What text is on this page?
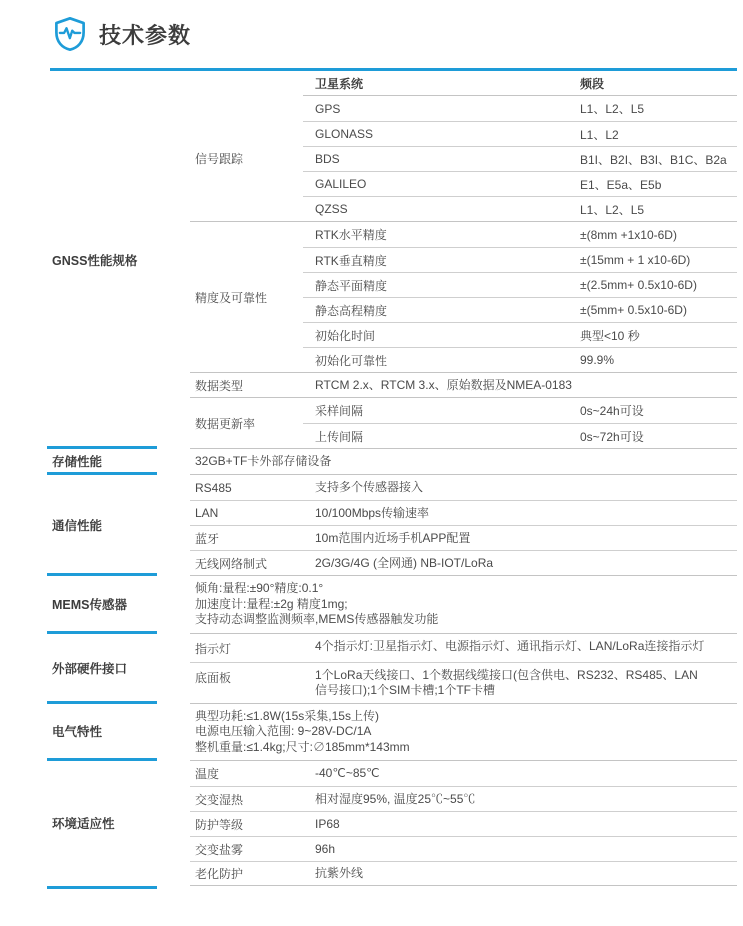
技术参数
GNSS性能规格
卫星系统	频段
信号跟踪
GPS	L1、L2、L5
GLONASS	L1、L2
BDS	B1I、B2I、B3I、B1C、B2a
GALILEO	E1、E5a、E5b
QZSS	L1、L2、L5
精度及可靠性
RTK水平精度	±(8mm +1x10-6D)
RTK垂直精度	±(15mm + 1 x10-6D)
静态平面精度	±(2.5mm+ 0.5x10-6D)
静态高程精度	±(5mm+ 0.5x10-6D)
初始化时间	典型<10 秒
初始化可靠性	99.9%
数据类型	RTCM 2.x、RTCM 3.x、原始数据及NMEA-0183
数据更新率
采样间隔	0s~24h可设
上传间隔	0s~72h可设
存储性能	32GB+TF卡外部存储设备
通信性能
RS485	支持多个传感器接入
LAN	10/100Mbps传输速率
蓝牙	10m范围内近场手机APP配置
无线网络制式	2G/3G/4G (全网通) NB-IOT/LoRa
MEMS传感器
倾角:量程:±90°精度:0.1°
加速度计:量程:±2g 精度1mg;
支持动态调整监测频率,MEMS传感器触发功能
外部硬件接口
指示灯	4个指示灯:卫星指示灯、电源指示灯、通讯指示灯、LAN/LoRa连接指示灯
底面板	1个LoRa天线接口、1个数据线缆接口(包含供电、RS232、RS485、LAN信号接口);1个SIM卡槽;1个TF卡槽
电气特性
典型功耗:≤1.8W(15s采集,15s上传)
电源电压输入范围: 9~28V-DC/1A
整机重量:≤1.4kg;尺寸:∅185mm*143mm
环境适应性
温度	-40℃~85℃
交变湿热	相对湿度95%, 温度25℃~55℃
防护等级	IP68
交变盐雾	96h
老化防护	抗紫外线
